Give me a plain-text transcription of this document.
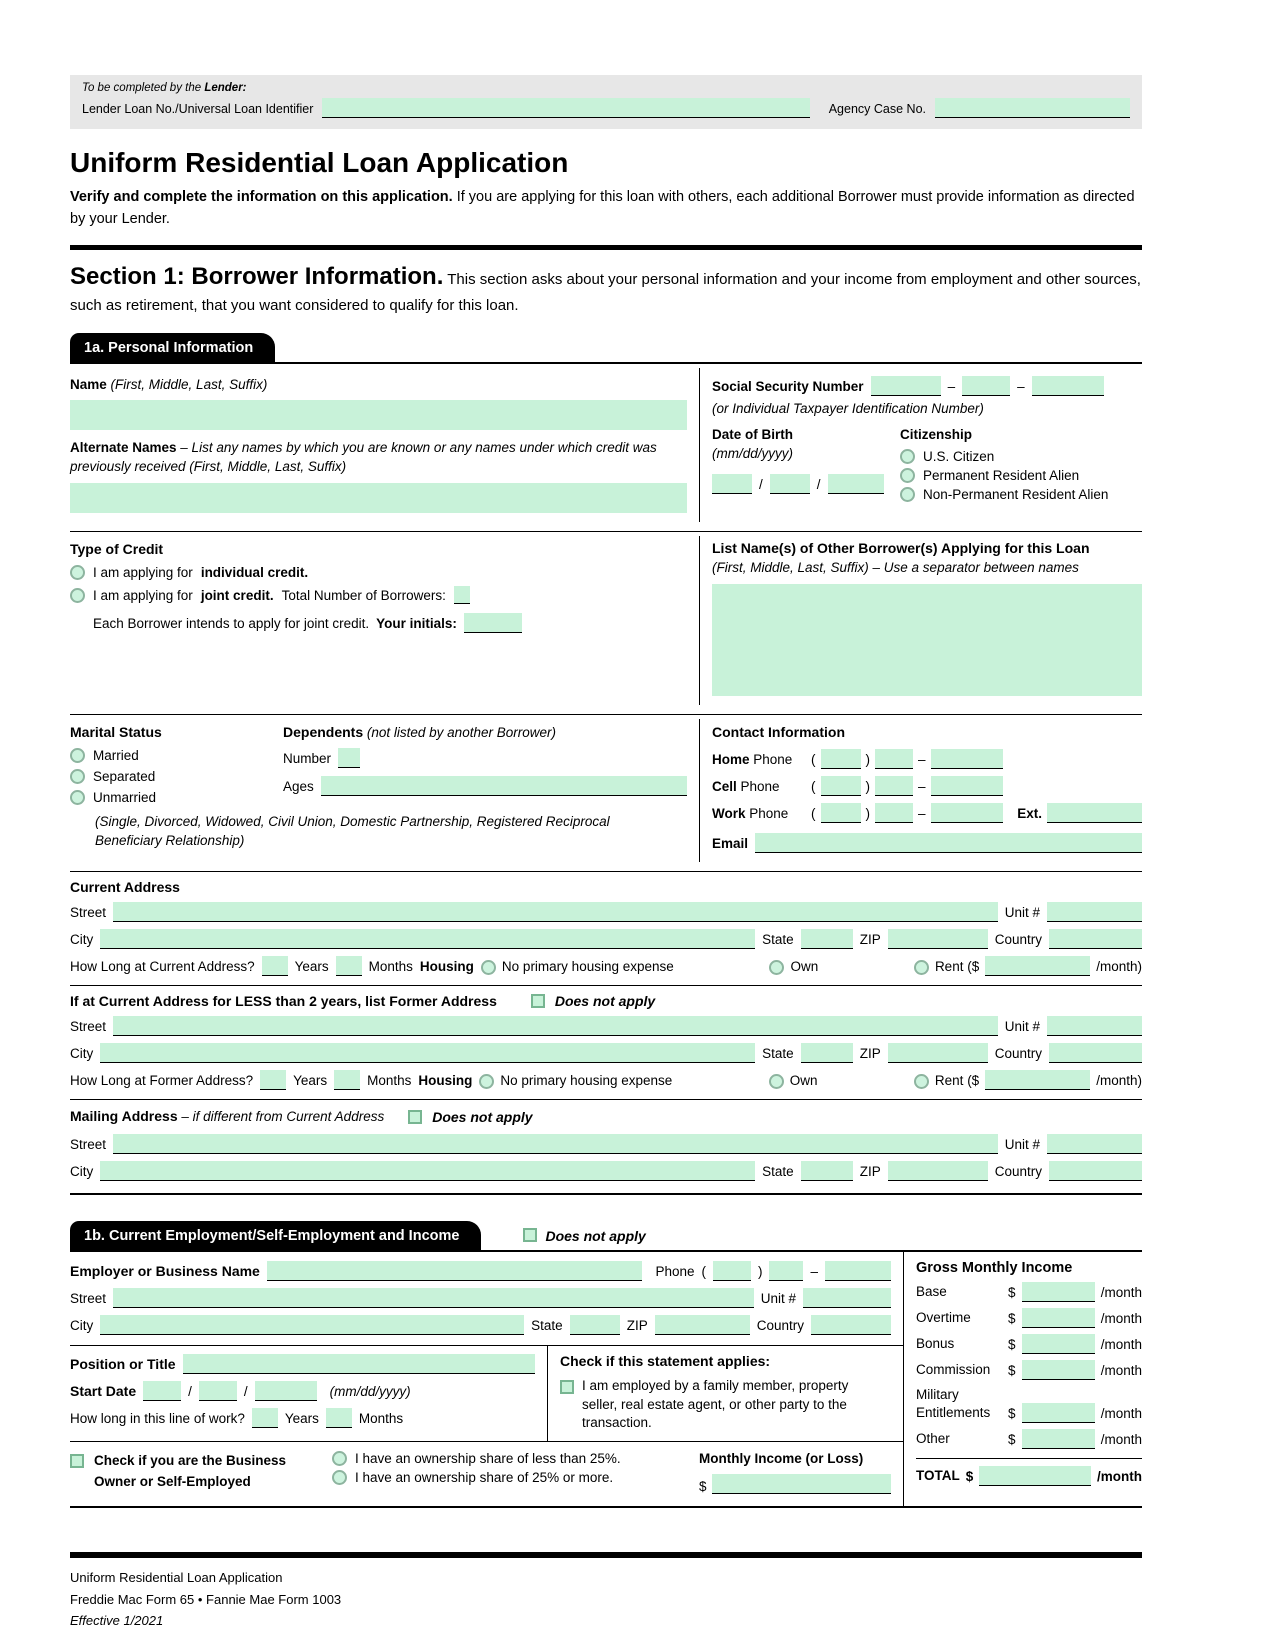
To be completed by the Lender:
Lender Loan No./Universal Loan Identifier	Agency Case No.
Uniform Residential Loan Application
Verify and complete the information on this application. If you are applying for this loan with others, each additional Borrower must provide information as directed by your Lender.
Section 1: Borrower Information. This section asks about your personal information and your income from employment and other sources, such as retirement, that you want considered to qualify for this loan.
1a. Personal Information
Name (First, Middle, Last, Suffix)
Alternate Names – List any names by which you are known or any names under which credit was previously received (First, Middle, Last, Suffix)
Social Security Number	–	–
(or Individual Taxpayer Identification Number)
Date of Birth
(mm/dd/yyyy)
/	/
Citizenship
U.S. Citizen
Permanent Resident Alien
Non-Permanent Resident Alien
Type of Credit
I am applying for individual credit.
I am applying for joint credit. Total Number of Borrowers:
Each Borrower intends to apply for joint credit. Your initials:
List Name(s) of Other Borrower(s) Applying for this Loan
(First, Middle, Last, Suffix) – Use a separator between names
Marital Status
Married
Separated
Unmarried
Dependents (not listed by another Borrower)
Number
Ages
(Single, Divorced, Widowed, Civil Union, Domestic Partnership, Registered Reciprocal Beneficiary Relationship)
Contact Information
Home Phone	(	)	–
Cell Phone	(	)	–
Work Phone	(	)	–	Ext.
Email
Current Address
Street	Unit #
City	State	ZIP	Country
How Long at Current Address?	Years	Months Housing No primary housing expense	Own	Rent ($	/month)
If at Current Address for LESS than 2 years, list Former Address	Does not apply
Street	Unit #
City	State	ZIP	Country
How Long at Former Address?	Years	Months Housing No primary housing expense	Own	Rent ($	/month)
Mailing Address – if different from Current Address	Does not apply
Street	Unit #
City	State	ZIP	Country
1b. Current Employment/Self-Employment and Income	Does not apply
Employer or Business Name	Phone (	)	–
Street	Unit #
City	State	ZIP	Country
Position or Title
Start Date	/	/	(mm/dd/yyyy)
How long in this line of work?	Years	Months
Check if this statement applies:
I am employed by a family member, property seller, real estate agent, or other party to the transaction.
Check if you are the Business
Owner or Self-Employed
I have an ownership share of less than 25%.
I have an ownership share of 25% or more.
Monthly Income (or Loss)
$
Gross Monthly Income
Base	$	/month
Overtime	$	/month
Bonus	$	/month
Commission	$	/month
Military Entitlements	$	/month
Other	$	/month
TOTAL $	/month
Uniform Residential Loan Application
Freddie Mac Form 65 • Fannie Mae Form 1003
Effective 1/2021
